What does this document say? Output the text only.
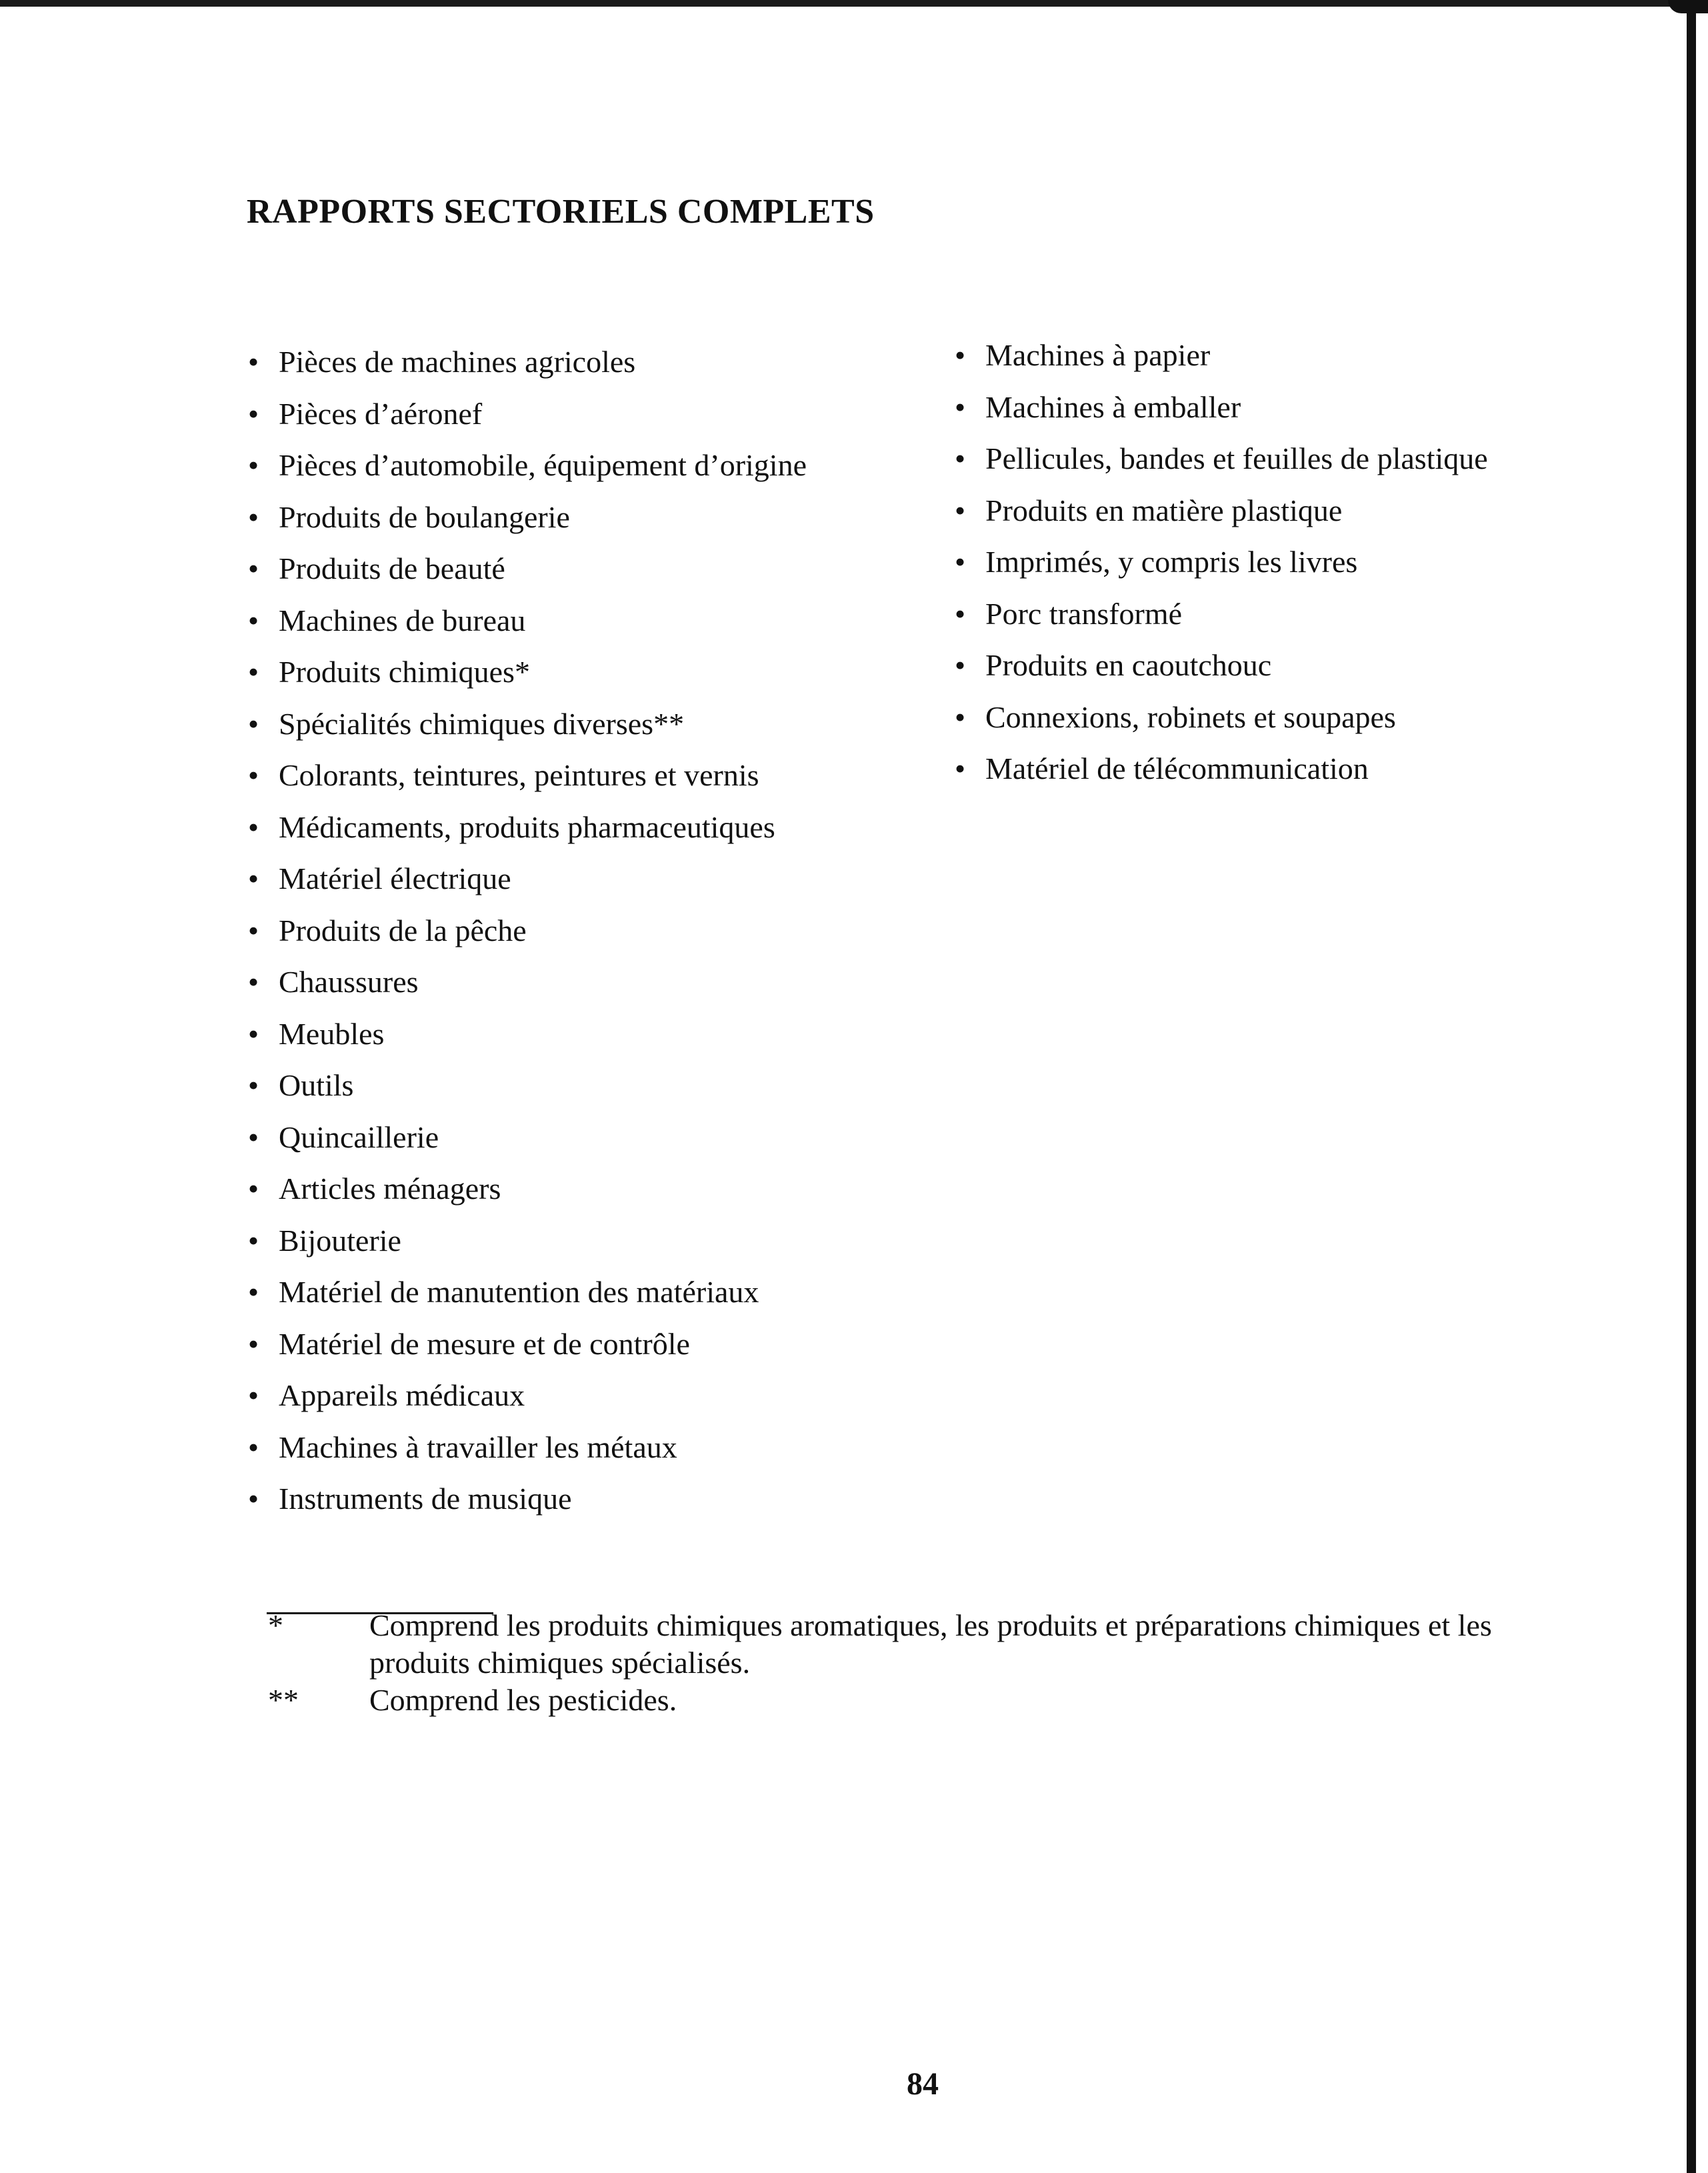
RAPPORTS SECTORIELS COMPLETS
• Pièces de machines agricoles
• Pièces d’aéronef
• Pièces d’automobile, équipement d’origine
• Produits de boulangerie
• Produits de beauté
• Machines de bureau
• Produits chimiques*
• Spécialités chimiques diverses**
• Colorants, teintures, peintures et vernis
• Médicaments, produits pharmaceutiques
• Matériel électrique
• Produits de la pêche
• Chaussures
• Meubles
• Outils
• Quincaillerie
• Articles ménagers
• Bijouterie
• Matériel de manutention des matériaux
• Matériel de mesure et de contrôle
• Appareils médicaux
• Machines à travailler les métaux
• Instruments de musique
• Machines à papier
• Machines à emballer
• Pellicules, bandes et feuilles de plastique
• Produits en matière plastique
• Imprimés, y compris les livres
• Porc transformé
• Produits en caoutchouc
• Connexions, robinets et soupapes
• Matériel de télécommunication
*	Comprend les produits chimiques aromatiques, les produits et préparations chimiques et les produits chimiques spécialisés.
**	Comprend les pesticides.
84
